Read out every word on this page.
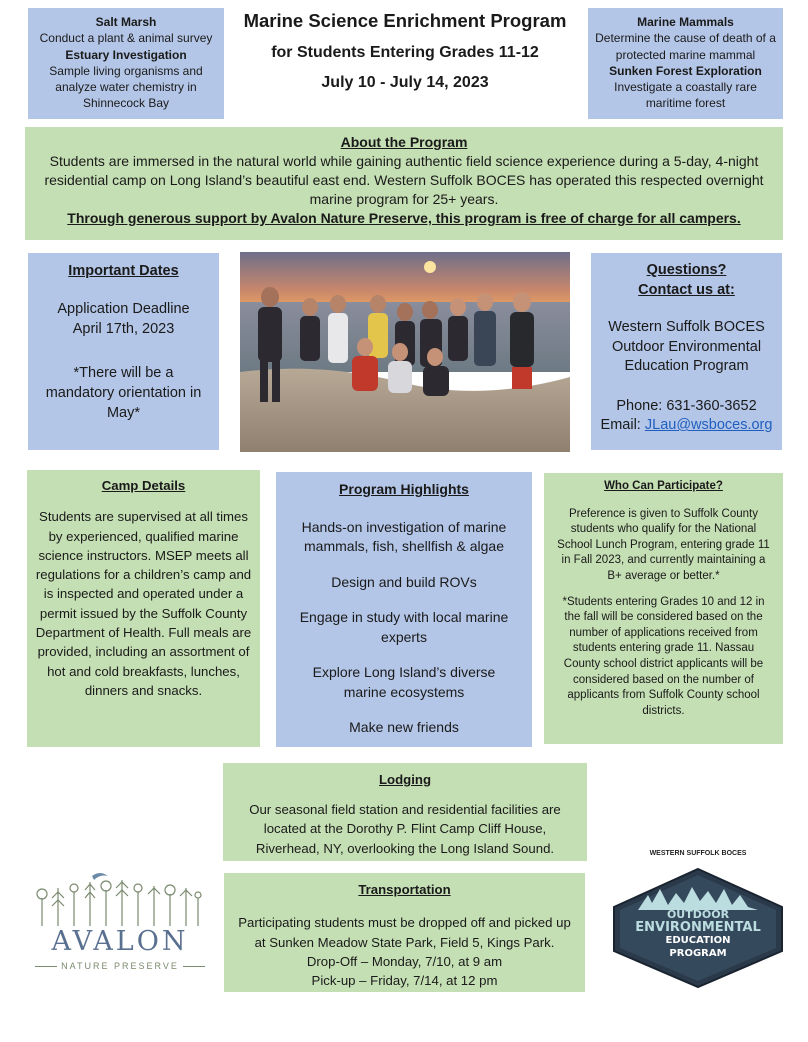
Salt Marsh

Conduct a plant & animal survey

Estuary Investigation

Sample living organisms and analyze water chemistry in Shinnecock Bay

Marine Science Enrichment Program

for Students Entering Grades 11-12

July 10 - July 14, 2023

Marine Mammals

Determine the cause of death of a protected marine mammal

Sunken Forest Exploration

Investigate a coastally rare maritime forest

About the Program

Students are immersed in the natural world while gaining authentic field science experience during a 5-day, 4-night residential camp on Long Island’s beautiful east end. Western Suffolk BOCES has operated this respected overnight marine program for 25+ years.

Through generous support by Avalon Nature Preserve, this program is free of charge for all campers.

Important Dates

Application Deadline

April 17th, 2023

*There will be a mandatory orientation in May*

Questions?

Contact us at:

Western Suffolk BOCES

Outdoor Environmental Education Program

Phone: 631-360-3652

Email: JLau@wsboces.org

Camp Details

Students are supervised at all times by experienced, qualified marine science instructors. MSEP meets all regulations for a children’s camp and is inspected and operated under a permit issued by the Suffolk County Department of Health. Full meals are provided, including an assortment of hot and cold breakfasts, lunches, dinners and snacks.

Program Highlights

Hands-on investigation of marine mammals, fish, shellfish & algae

Design and build ROVs

Engage in study with local marine experts

Explore Long Island’s diverse marine ecosystems

Make new friends

Who Can Participate?

Preference is given to Suffolk County students who qualify for the National School Lunch Program, entering grade 11 in Fall 2023, and currently maintaining a B+ average or better.*

*Students entering Grades 10 and 12 in the fall will be considered based on the number of applications received from students entering grade 11. Nassau County school district applicants will be considered based on the number of applicants from Suffolk County school districts.

Lodging

Our seasonal field station and residential facilities are located at the Dorothy P. Flint Camp Cliff House, Riverhead, NY, overlooking the Long Island Sound.

AVALON
NATURE PRESERVE

Transportation

Participating students must be dropped off and picked up at Sunken Meadow State Park, Field 5, Kings Park.

Drop-Off – Monday, 7/10, at 9 am

Pick-up – Friday, 7/14, at 12 pm

WESTERN SUFFOLK BOCES
OUTDOOR
ENVIRONMENTAL
EDUCATION
PROGRAM
